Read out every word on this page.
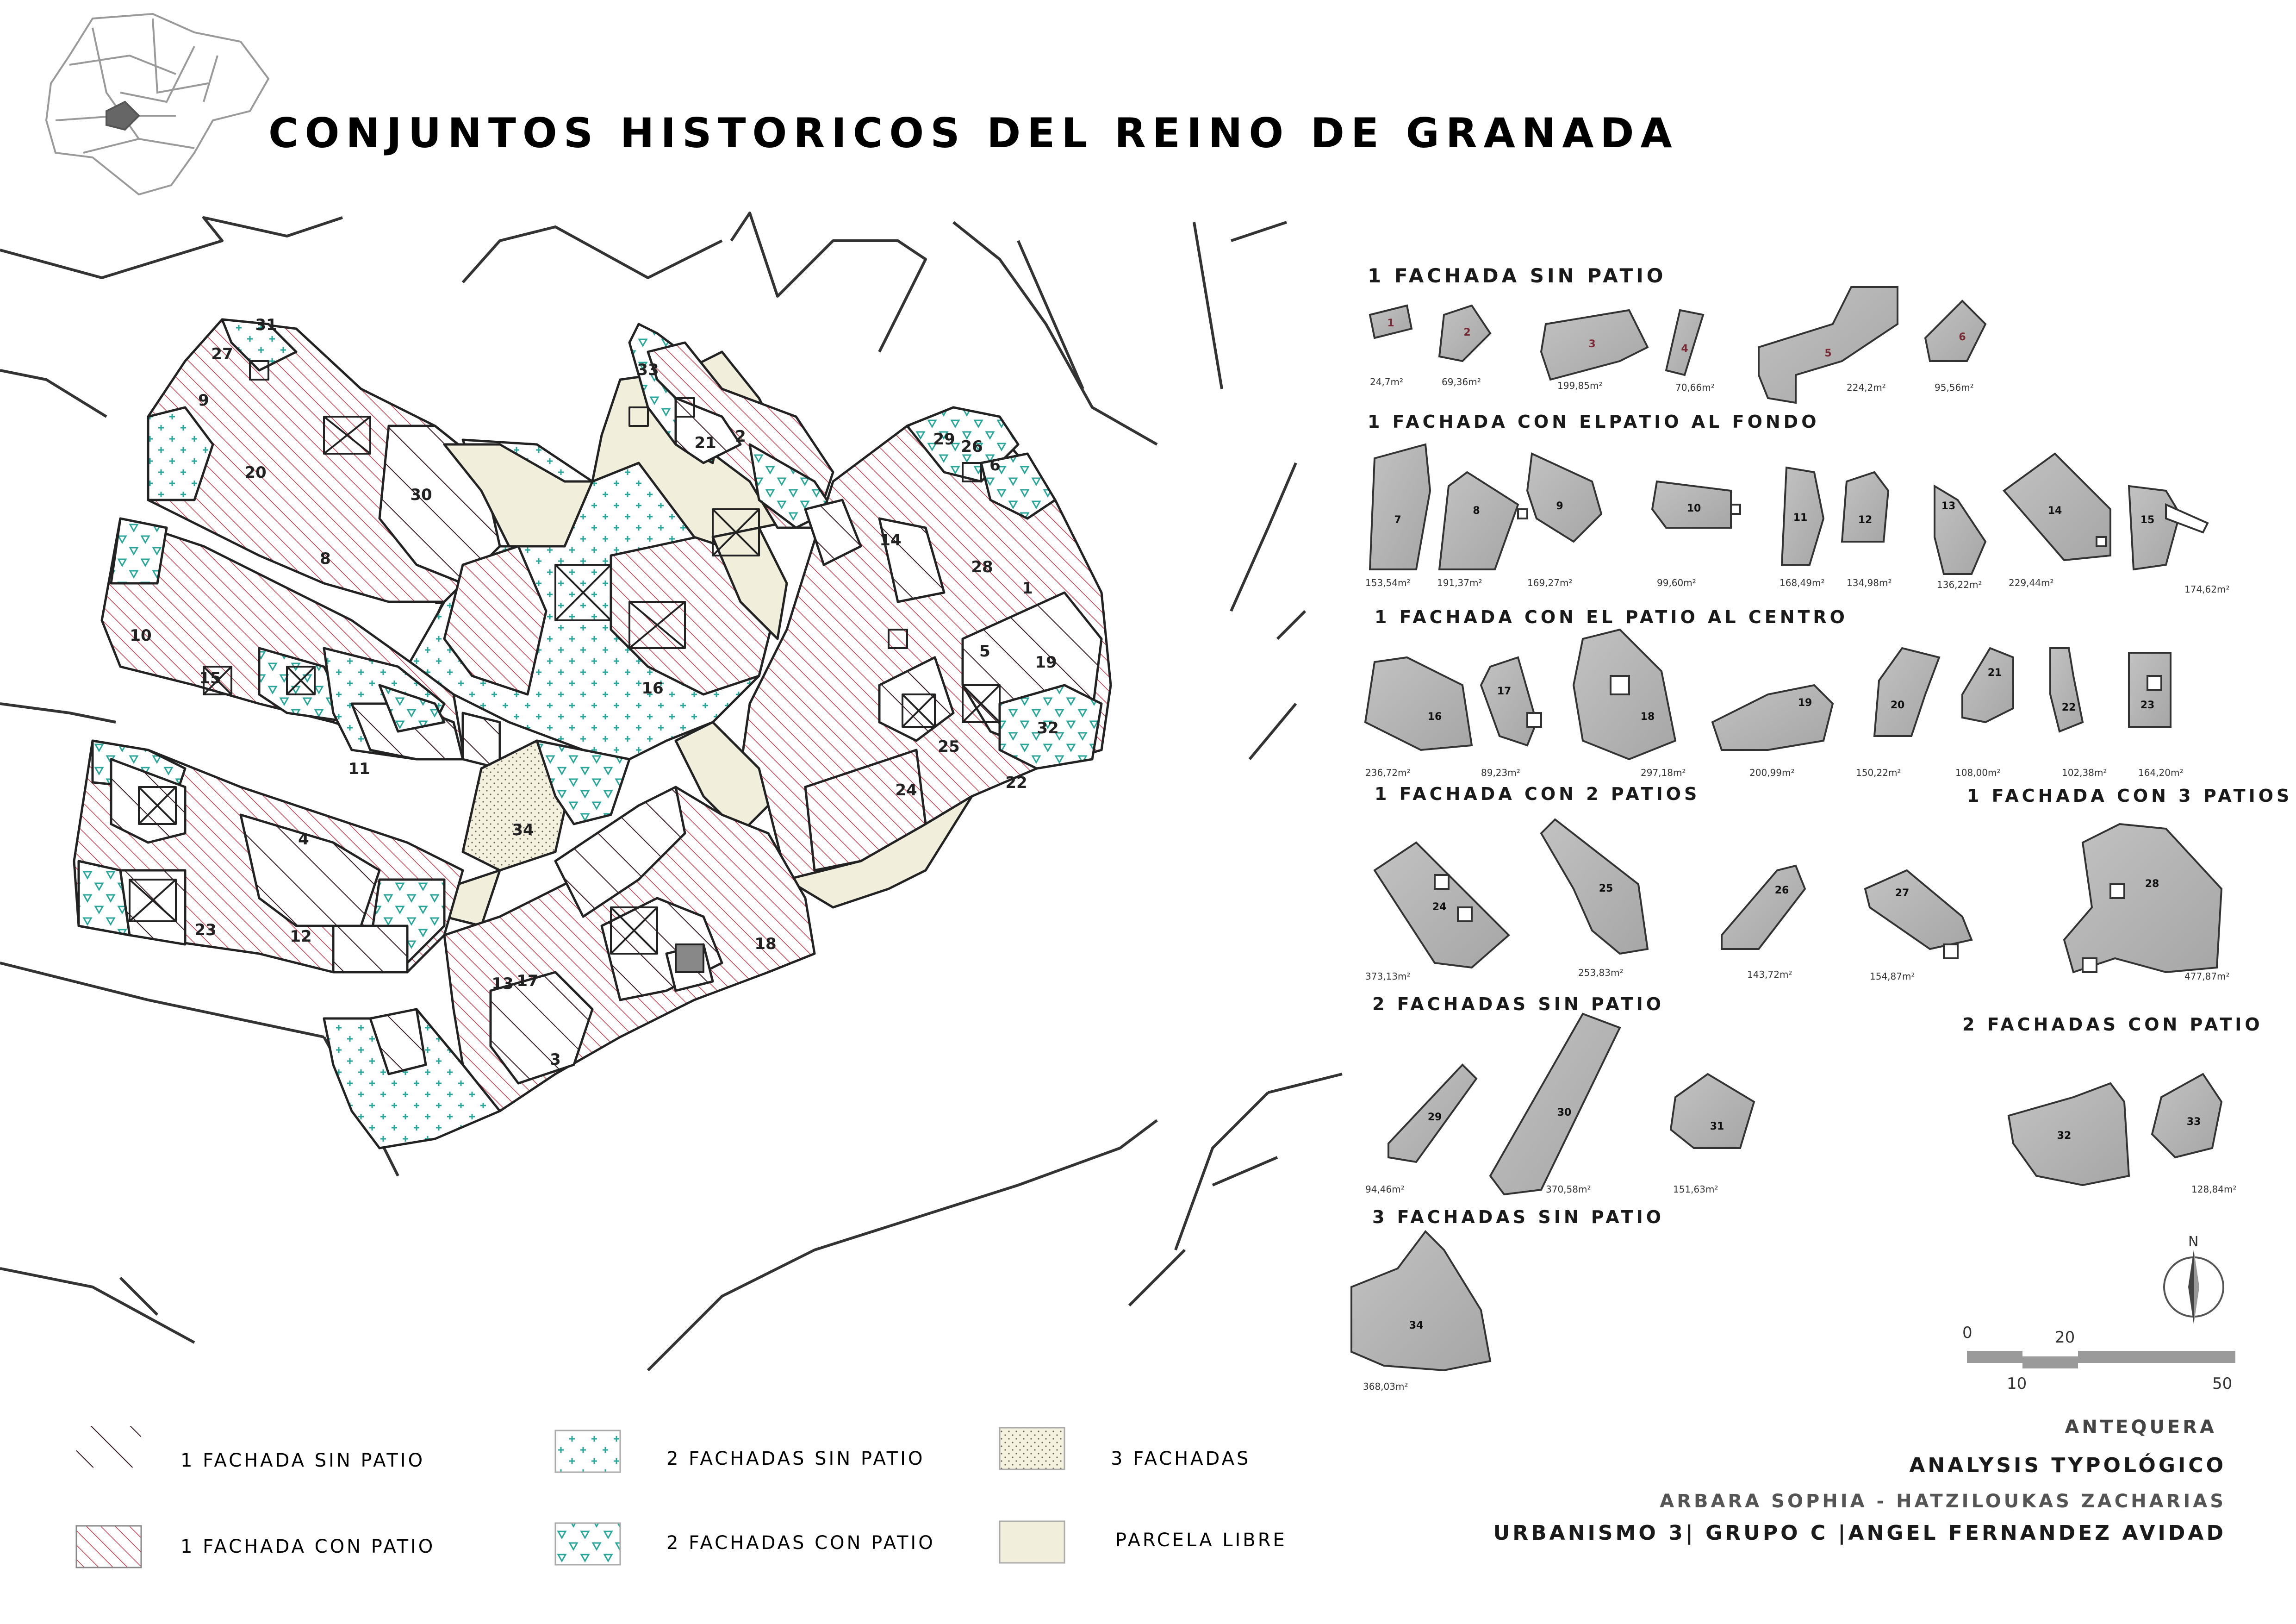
CONJUNTOS HISTORICOS DEL REINO DE GRANADA
31
27
9
20
30
8
7
33
21 2	29 26
6
14
28
1
5
19
32
25
22
24
10
15
16
11
34
4
23	12	18
13 17
3
1 FACHADA SIN PATIO
1 FACHADA CON ELPATIO AL FONDO
1 FACHADA CON EL PATIO AL CENTRO
1 FACHADA CON 2 PATIOS	1 FACHADA CON 3 PATIOS
2 FACHADAS SIN PATIO
2 FACHADAS CON PATIO
3 FACHADAS SIN PATIO
1
2
3	4	5
6
7
8	9	10
11	12
13	14
15
16
17
18
19	20
21
22	23
24
25	26	27
28
29	30
31
32
33
34
24,7m²	69,36m²	199,85m²	70,66m²	224,2m²	95,56m²
153,54m²	191,37m²	169,27m²	99,60m²	168,49m² 134,98m²	136,22m²	229,44m²
174,62m²
236,72m²	89,23m²	297,18m²	200,99m²	150,22m²	108,00m²	102,38m²	164,20m²
373,13m²	253,83m²	143,72m²	154,87m²	477,87m²
94,46m²	370,58m²	151,63m²	128,84m²
368,03m²
N
0	20
10	50
1 FACHADA SIN PATIO
1 FACHADA CON PATIO
2 FACHADAS SIN PATIO
2 FACHADAS CON PATIO
3 FACHADAS
PARCELA LIBRE
ANTEQUERA
ANALYSIS TYPOLÓGICO
ARBARA SOPHIA - HATZILOUKAS ZACHARIAS
URBANISMO 3| GRUPO C |ANGEL FERNANDEZ AVIDAD
